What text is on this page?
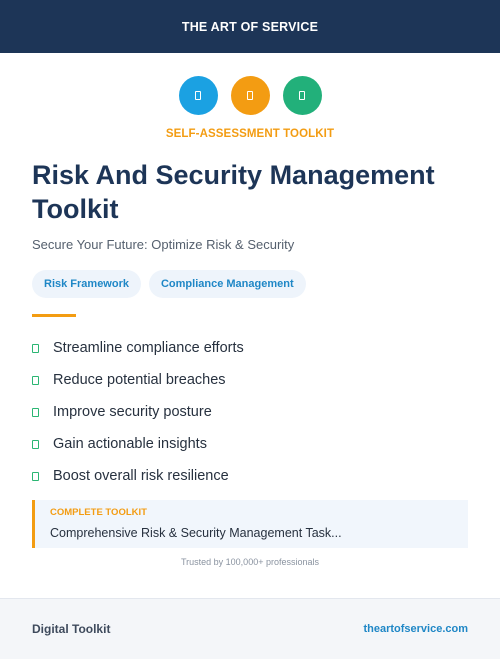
THE ART OF SERVICE
SELF-ASSESSMENT TOOLKIT
Risk And Security Management Toolkit
Secure Your Future: Optimize Risk & Security
Risk Framework	Compliance Management
Streamline compliance efforts
Reduce potential breaches
Improve security posture
Gain actionable insights
Boost overall risk resilience
COMPLETE TOOLKIT
Comprehensive Risk & Security Management Task...
Trusted by 100,000+ professionals
Digital Toolkit	theartofservice.com
